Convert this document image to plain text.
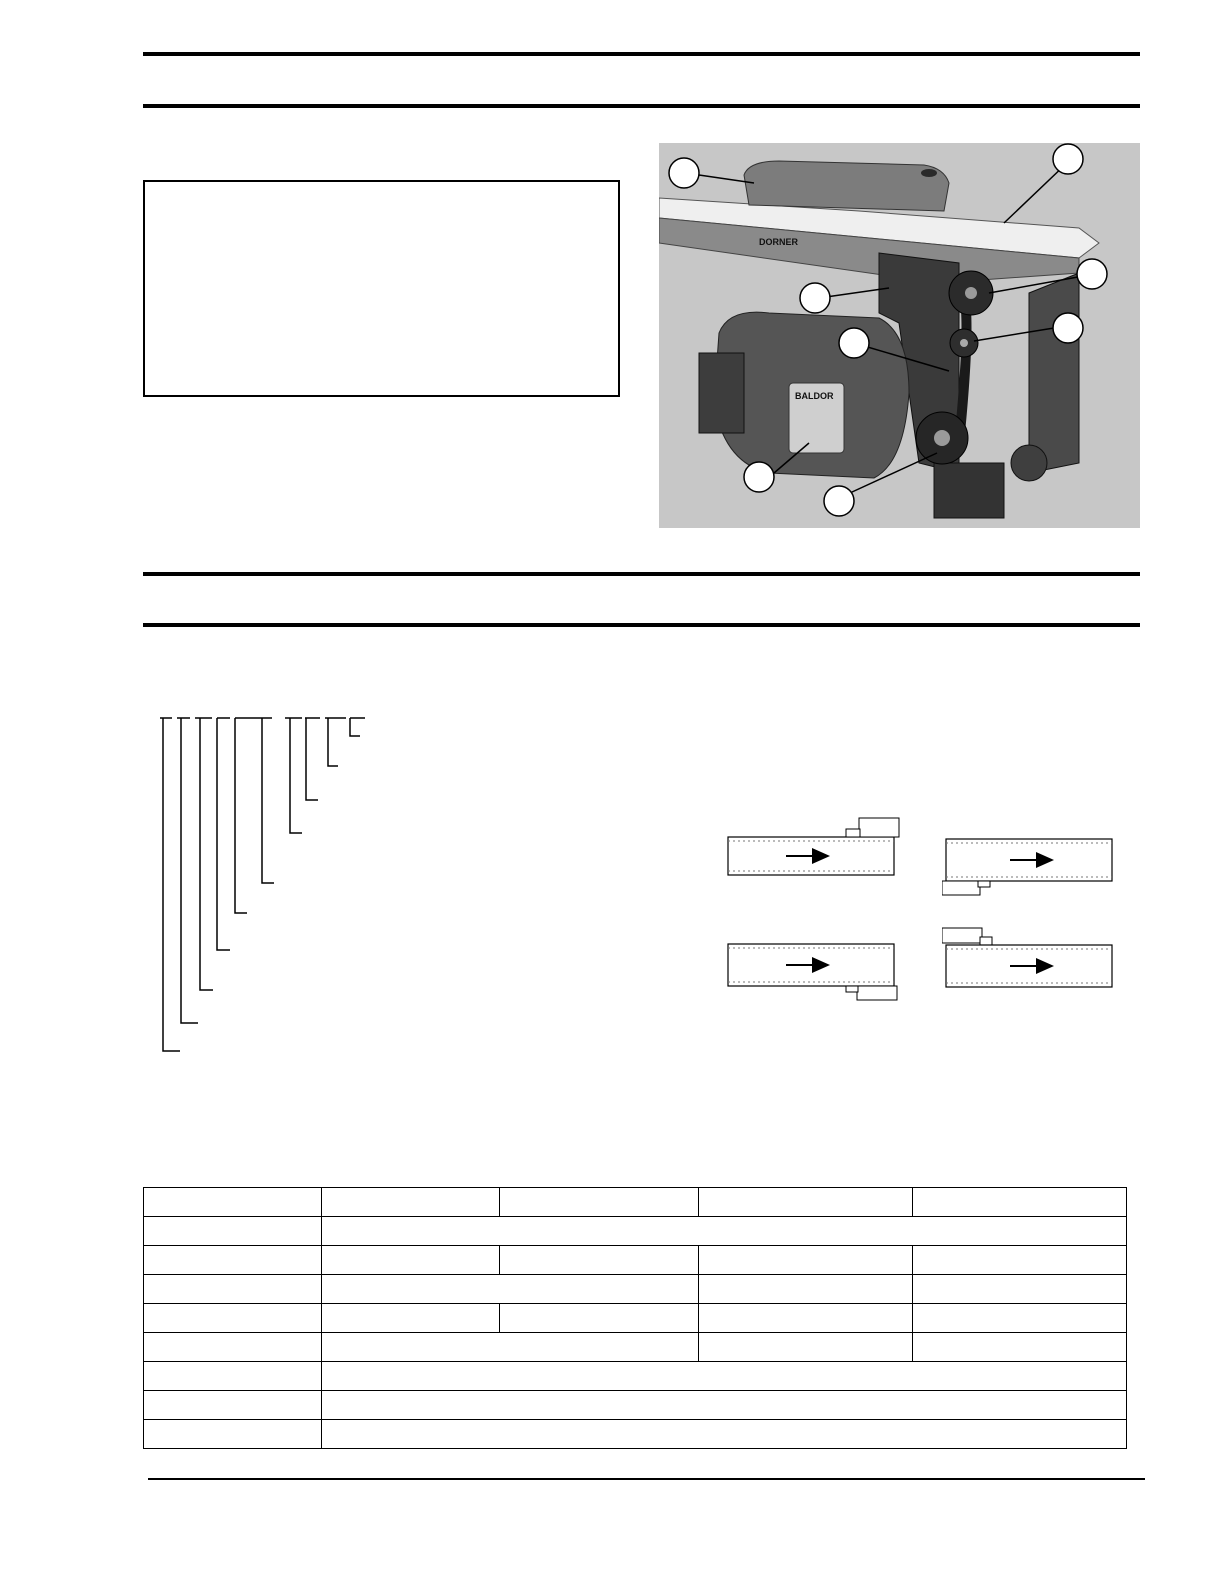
DORNER
BALDOR
